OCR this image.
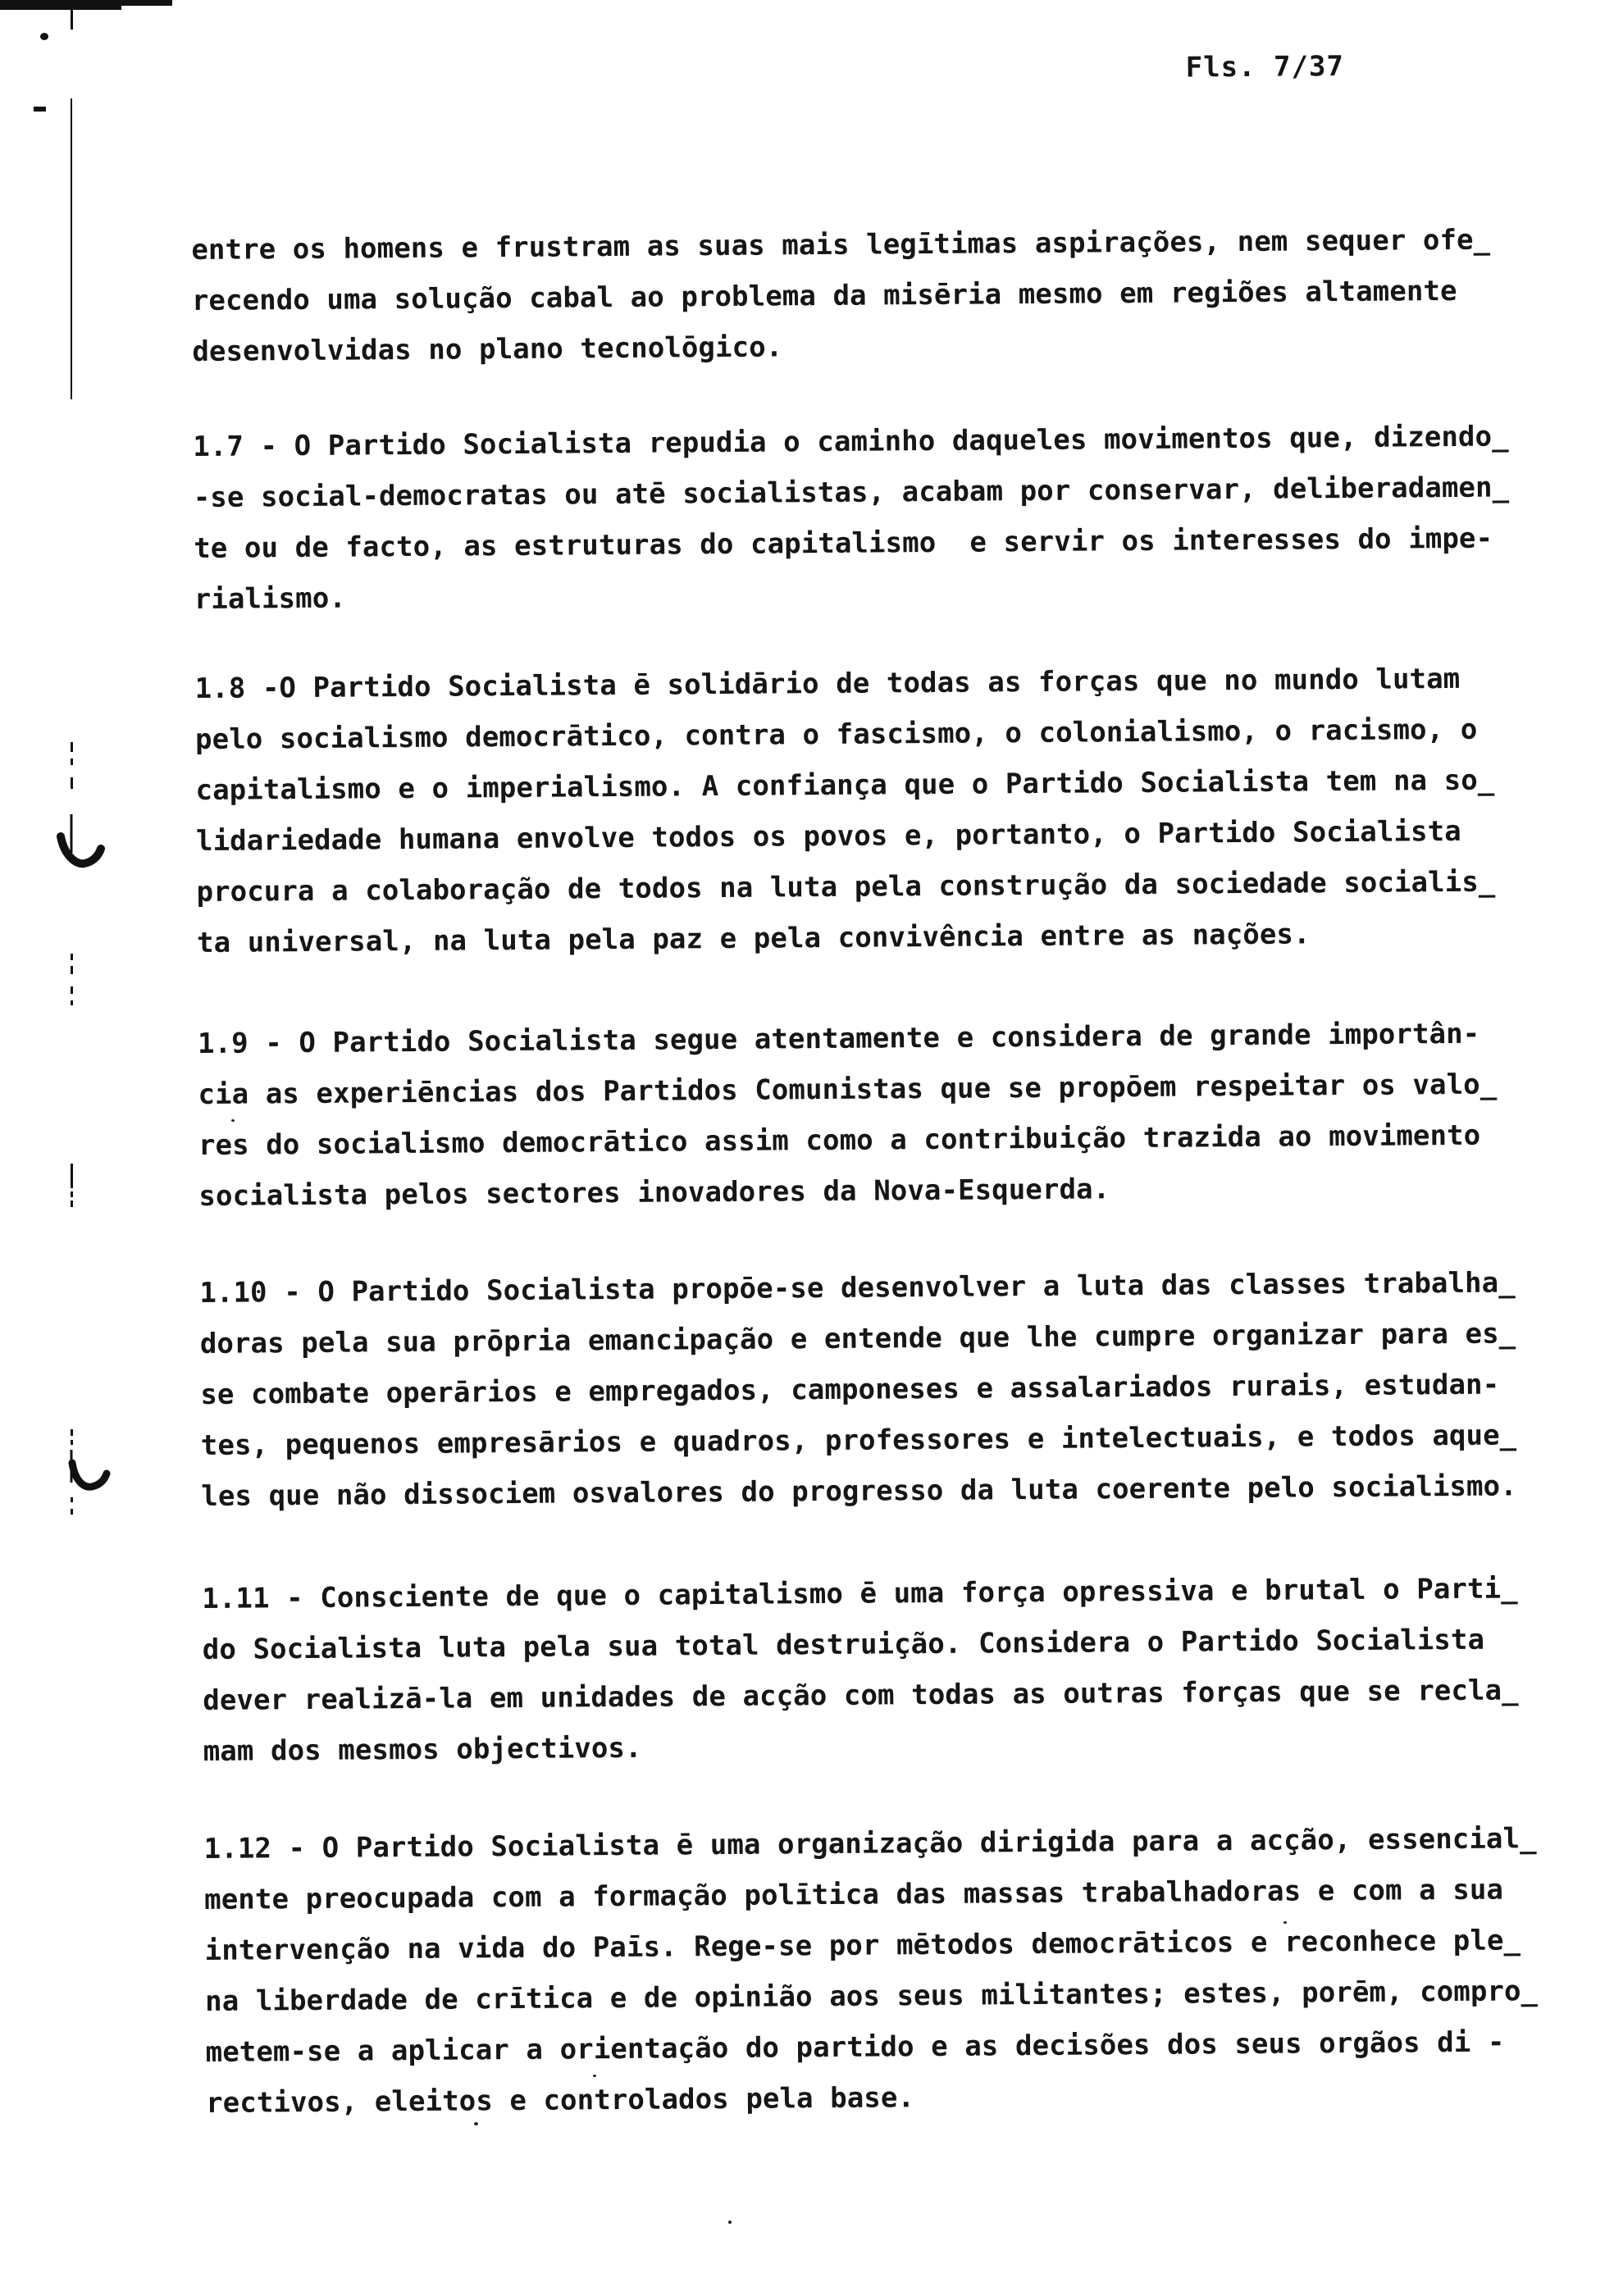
Fls. 7/37
entre os homens e frustram as suas mais legītimas aspirações, nem sequer ofe̲
recendo uma solução cabal ao problema da misēria mesmo em regiões altamente
desenvolvidas no plano tecnolōgico.
1.7 - O Partido Socialista repudia o caminho daqueles movimentos que, dizendo̲
-se social-democratas ou atē socialistas, acabam por conservar, deliberadamen̲
te ou de facto, as estruturas do capitalismo  e servir os interesses do impe-
rialismo.
1.8 -O Partido Socialista ē solidārio de todas as forças que no mundo lutam
pelo socialismo democrātico, contra o fascismo, o colonialismo, o racismo, o
capitalismo e o imperialismo. A confiança que o Partido Socialista tem na so̲
lidariedade humana envolve todos os povos e, portanto, o Partido Socialista
procura a colaboração de todos na luta pela construção da sociedade socialis̲
ta universal, na luta pela paz e pela convivência entre as nações.
1.9 - O Partido Socialista segue atentamente e considera de grande importân-
cia as experiēncias dos Partidos Comunistas que se propōem respeitar os valo̲
res do socialismo democrātico assim como a contribuição trazida ao movimento
socialista pelos sectores inovadores da Nova-Esquerda.
1.10 - O Partido Socialista propōe-se desenvolver a luta das classes trabalha̲
doras pela sua prōpria emancipação e entende que lhe cumpre organizar para es̲
se combate operārios e empregados, camponeses e assalariados rurais, estudan-
tes, pequenos empresārios e quadros, professores e intelectuais, e todos aque̲
les que não dissociem osvalores do progresso da luta coerente pelo socialismo.
1.11 - Consciente de que o capitalismo ē uma força opressiva e brutal o Parti̲
do Socialista luta pela sua total destruição. Considera o Partido Socialista
dever realizā-la em unidades de acção com todas as outras forças que se recla̲
mam dos mesmos objectivos.
1.12 - O Partido Socialista ē uma organização dirigida para a acção, essencial̲
mente preocupada com a formação polītica das massas trabalhadoras e com a sua
intervenção na vida do Paīs. Rege-se por mētodos democrāticos e reconhece ple̲
na liberdade de crītica e de opinião aos seus militantes; estes, porēm, compro̲
metem-se a aplicar a orientação do partido e as decisões dos seus orgãos di -
rectivos, eleitos e controlados pela base.
